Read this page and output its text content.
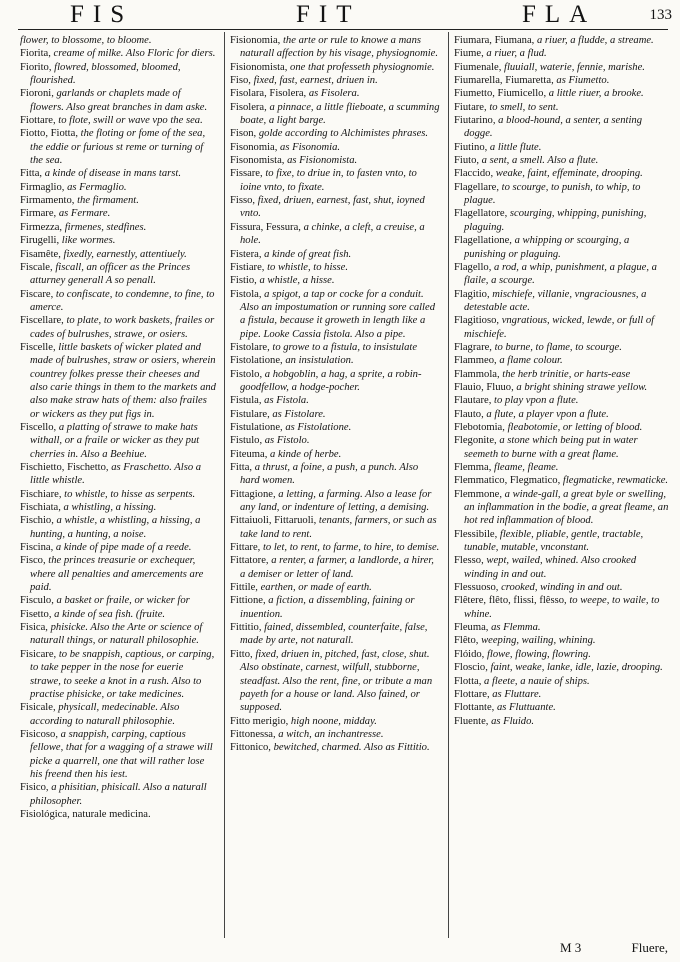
FIS	FIT	FLA	133

flower, to blossome, to bloome.

Fiorita, creame of milke. Also Floric for diers.

Fiorito, flowred, blossomed, bloomed, flourished.

Fioroni, garlands or chaplets made of flowers. Also great branches in dam aske.

Fiottare, to flote, swill or wave vpo the sea.

Fiotto, Fiotta, the floting or fome of the sea, the eddie or furious st reme or turning of the sea.

Fitta, a kinde of disease in mans tarst.

Firmaglio, as Fermaglio.

Firmamento, the firmament.

Firmare, as Fermare.

Firmezza, firmenes, stedfines.

Firugelli, like wormes.

Fisamête, fixedly, earnestly, attentiuely.

Fiscale, fiscall, an officer as the Princes atturney generall A so penall.

Fiscare, to confiscate, to condemne, to fine, to amerce.

Fiscellare, to plate, to work baskets, frailes or cades of bulrushes, strawe, or osiers.

Fiscelle, little baskets of wicker plated and made of bulrushes, straw or osiers, wherein countrey folkes presse their cheeses and also carie things in them to the markets and also make straw hats of them: also frailes or wickers as they put figs in.

Fiscello, a platting of strawe to make hats withall, or a fraile or wicker as they put cherries in. Also a Beehiue.

Fischietto, Fischetto, as Fraschetto. Also a little whistle.

Fischiare, to whistle, to hisse as serpents.

Fischiata, a whistling, a hissing.

Fischio, a whistle, a whistling, a hissing, a hunting, a hunting, a noise.

Fiscina, a kinde of pipe made of a reede.

Fisco, the princes treasurie or exchequer, where all penalties and amercements are paid.

Fisculo, a basket or fraile, or wicker for

Fisetto, a kinde of sea fish. (fruite.

Fisica, phisicke. Also the Arte or science of naturall things, or naturall philosophie.

Fisicare, to be snappish, captious, or carping, to take pepper in the nose for euerie strawe, to seeke a knot in a rush. Also to practise phisicke, or take medicines.

Fisicale, physicall, medecinable. Also according to naturall philosophie.

Fisicoso, a snappish, carping, captious fellowe, that for a wagging of a strawe will picke a quarrell, one that will rather lose his freend then his iest.

Fisico, a phisitian, phisicall. Also a naturall philosopher.

Fisiológica, naturale medicina.

Fisionomia, the arte or rule to knowe a mans naturall affection by his visage, physiognomie.

Fisionomista, one that professeth physiognomie.

Fiso, fixed, fast, earnest, driuen in.

Fisolara, Fisolera, as Fisolera.

Fisolera, a pinnace, a little flieboate, a scumming boate, a light barge.

Fison, golde according to Alchimistes phrases.

Fisonomia, as Fisonomia.

Fisonomista, as Fisionomista.

Fissare, to fixe, to driue in, to fasten vnto, to ioine vnto, to fixate.

Fisso, fixed, driuen, earnest, fast, shut, ioyned vnto.

Fissura, Fessura, a chinke, a cleft, a creuise, a hole.

Fistera, a kinde of great fish.

Fistiare, to whistle, to hisse.

Fistio, a whistle, a hisse.

Fistola, a spigot, a tap or cocke for a conduit. Also an impostumation or running sore called a fistula, because it groweth in length like a pipe. Looke Cassia fistola. Also a pipe.

Fistolare, to growe to a fistula, to insistulate

Fistolatione, an insistulation.

Fistolo, a hobgoblin, a hag, a sprite, a robin-goodfellow, a hodge-pocher.

Fistula, as Fistola.

Fistulare, as Fistolare.

Fistulatione, as Fistolatione.

Fistulo, as Fistolo.

Fiteuma, a kinde of herbe.

Fitta, a thrust, a foine, a push, a punch. Also hard women.

Fittagione, a letting, a farming. Also a lease for any land, or indenture of letting, a demising.

Fittaiuoli, Fittaruoli, tenants, farmers, or such as take land to rent.

Fittare, to let, to rent, to farme, to hire, to demise.

Fittatore, a renter, a farmer, a landlorde, a hirer, a demiser or letter of land.

Fittile, earthen, or made of earth.

Fittione, a fiction, a dissembling, faining or inuention.

Fittitio, fained, dissembled, counterfaite, false, made by arte, not naturall.

Fitto, fixed, driuen in, pitched, fast, close, shut. Also obstinate, carnest, wilfull, stubborne, steadfast. Also the rent, fine, or tribute a man payeth for a house or land. Also fained, or supposed.

Fitto merigio, high noone, midday.

Fittonessa, a witch, an inchantresse.

Fittonico, bewitched, charmed. Also as Fittitio.

Fiumara, Fiumana, a riuer, a fludde, a streame.

Fiume, a riuer, a flud.

Fiumenale, fluuiall, waterie, fennie, marishe.

Fiumarella, Fiumaretta, as Fiumetto.

Fiumetto, Fiumicello, a little riuer, a brooke.

Fiutare, to smell, to sent.

Fiutarino, a blood-hound, a senter, a senting dogge.

Fiutino, a little flute.

Fiuto, a sent, a smell. Also a flute.

Flaccido, weake, faint, effeminate, drooping.

Flagellare, to scourge, to punish, to whip, to plague.

Flagellatore, scourging, whipping, punishing, plaguing.

Flagellatione, a whipping or scourging, a punishing or plaguing.

Flagello, a rod, a whip, punishment, a plague, a flaile, a scourge.

Flagitio, mischiefe, villanie, vngraciousnes, a detestable acte.

Flagitioso, vngratious, wicked, lewde, or full of mischiefe.

Flagrare, to burne, to flame, to scourge.

Flammeo, a flame colour.

Flammola, the herb trinitie, or harts-ease

Flauio, Fluuo, a bright shining strawe yellow.

Flautare, to play vpon a flute.

Flauto, a flute, a player vpon a flute.

Flebotomia, fleabotomie, or letting of blood.

Flegonite, a stone which being put in water seemeth to burne with a great flame.

Flemma, fleame, fleame.

Flemmatico, Flegmatico, flegmaticke, rewmaticke.

Flemmone, a winde-gall, a great byle or swelling, an inflammation in the bodie, a great fleame, an hot red inflammation of blood.

Flessibile, flexible, pliable, gentle, tractable, tunable, mutable, vnconstant.

Flesso, wept, wailed, whined. Also crooked winding in and out.

Flessuoso, crooked, winding in and out.

Flêtere, flêto, flissi, flêsso, to weepe, to waile, to whine.

Fleuma, as Flemma.

Flêto, weeping, wailing, whining.

Flóido, flowe, flowing, flowring.

Floscio, faint, weake, lanke, idle, lazie, drooping.

Flotta, a fleete, a nauie of ships.

Flottare, as Fluttare.

Flottante, as Fluttuante.

Fluente, as Fluido.

M 3	Fluere,
